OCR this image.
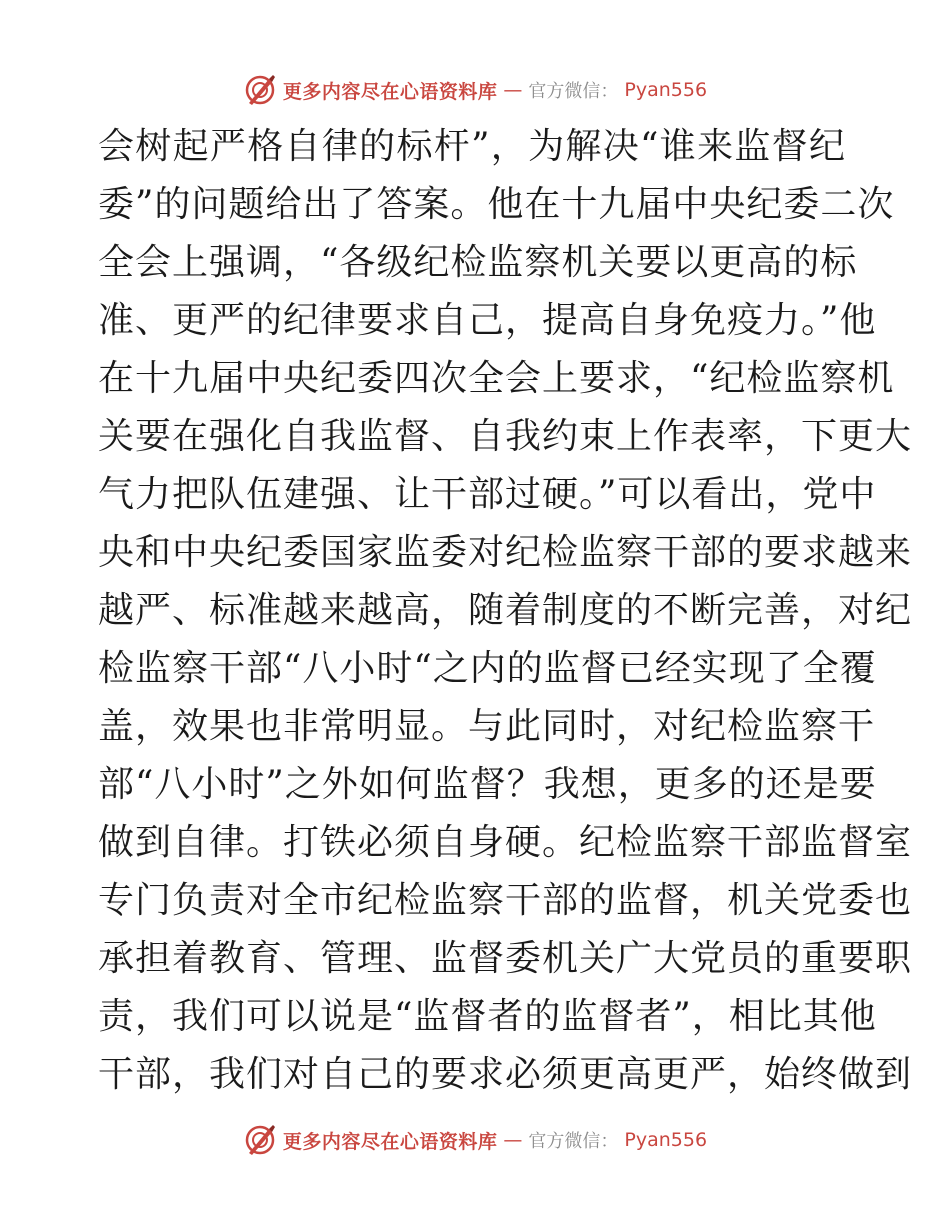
更多内容尽在心语资料库 — 官方微信： Pyan556
会树起严格自律的标杆”，为解决“谁来监督纪
委”的问题给出了答案。他在十九届中央纪委二次
全会上强调，“各级纪检监察机关要以更高的标
准、更严的纪律要求自己，提高自身免疫力。”他
在十九届中央纪委四次全会上要求，“纪检监察机
关要在强化自我监督、自我约束上作表率，下更大
气力把队伍建强、让干部过硬。”可以看出，党中
央和中央纪委国家监委对纪检监察干部的要求越来
越严、标准越来越高，随着制度的不断完善，对纪
检监察干部“八小时“之内的监督已经实现了全覆
盖，效果也非常明显。与此同时，对纪检监察干
部“八小时”之外如何监督？我想，更多的还是要
做到自律。打铁必须自身硬。纪检监察干部监督室
专门负责对全市纪检监察干部的监督，机关党委也
承担着教育、管理、监督委机关广大党员的重要职
责，我们可以说是“监督者的监督者”，相比其他
干部，我们对自己的要求必须更高更严，始终做到
更多内容尽在心语资料库 — 官方微信： Pyan556
